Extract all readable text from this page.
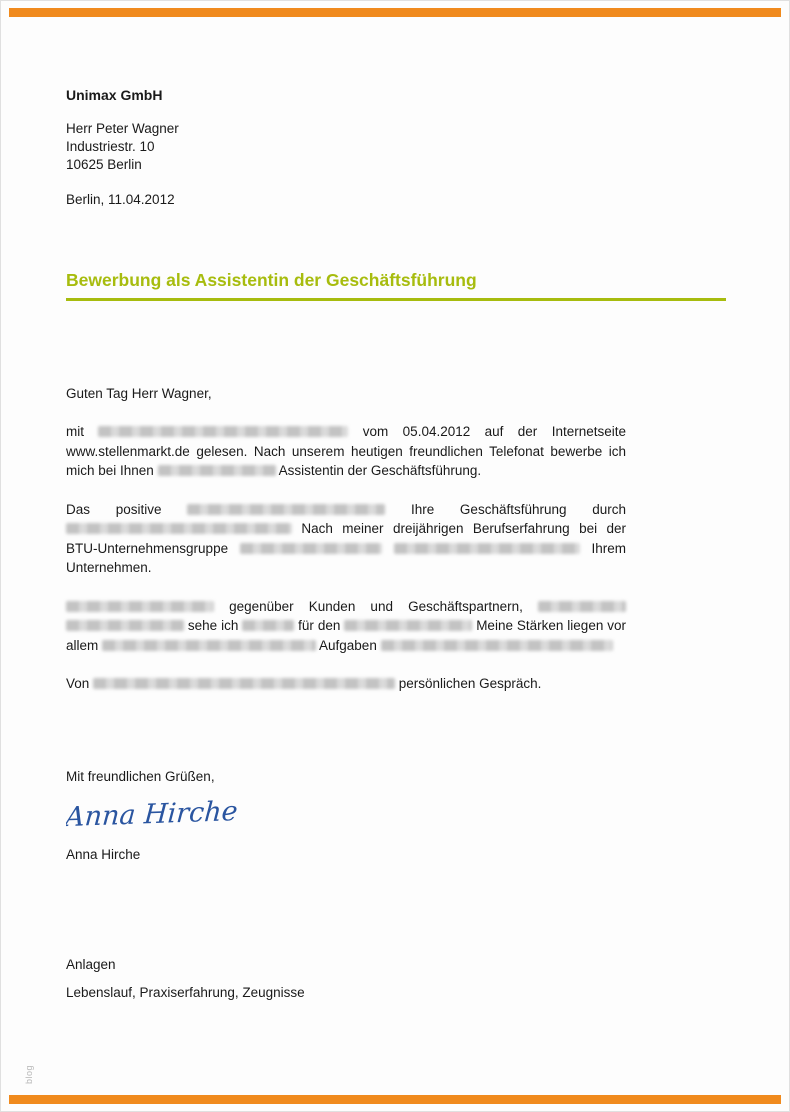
Unimax GmbH

Herr Peter Wagner

Industriestr. 10

10625 Berlin

Berlin, 11.04.2012

Bewerbung als Assistentin der Geschäftsführung

Guten Tag Herr Wagner,

mit	vom 05.04.2012 auf der Internetseite www.stellenmarkt.de gelesen. Nach unserem heutigen freundlichen Telefonat bewerbe ich mich bei Ihnen	Assistentin der Geschäftsführung.

Das positive	Ihre Geschäftsführung durch  Nach meiner dreijährigen Berufserfahrung bei der BTU-Unternehmensgruppe	Ihrem Unternehmen.

gegenüber Kunden und Geschäftspartnern,   sehe ich	für den	Meine Stärken liegen vor allem	Aufgaben

Von	persönlichen Gespräch.

Mit freundlichen Grüßen,

Anna Hirche

Anna Hirche

Anlagen

Lebenslauf, Praxiserfahrung, Zeugnisse

blog
